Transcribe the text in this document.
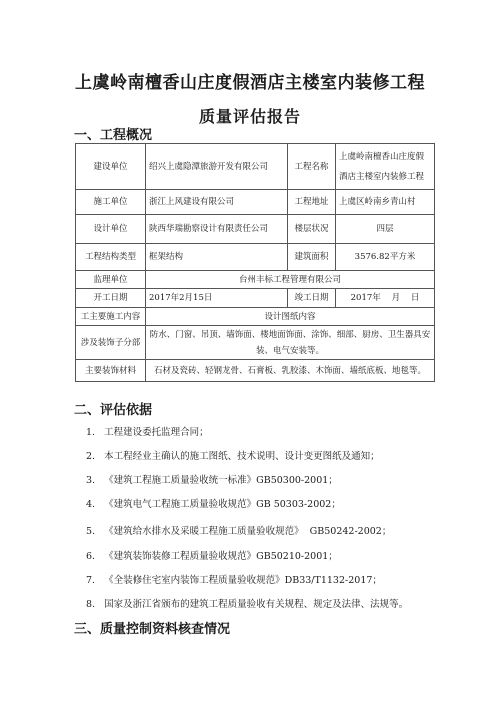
上虞岭南檀香山庄度假酒店主楼室内装修工程
质量评估报告
一、工程概况
建设单位	绍兴上虞隐潭旅游开发有限公司	工程名称	上虞岭南檀香山庄度假酒店主楼室内装修工程
施工单位	浙江上风建设有限公司	工程地址	上虞区岭南乡青山村
设计单位	陕西华瑞勘察设计有限责任公司	楼层状况	四层
工程结构类型	框架结构	建筑面积	3576.82平方米
监理单位	台州丰标工程管理有限公司		
开工日期	2017年2月15日	竣工日期	2017年    月    日
工主要施工内容	设计图纸内容		
涉及装饰子分部	防水、门窗、吊顶、墙饰面、楼地面饰面、涂饰、细部、厨房、卫生器具安装、电气安装等。		
主要装饰材料	石材及瓷砖、轻钢龙骨、石膏板、乳胶漆、木饰面、墙纸底板、地毯等。		
二、评估依据
1.   工程建设委托监理合同；
2.   本工程经业主确认的施工图纸、技术说明、设计变更图纸及通知；
3.   《建筑工程施工质量验收统一标准》GB50300-2001；
4.   《建筑电气工程施工质量验收规范》GB 50303-2002；
5.   《建筑给水排水及采暖工程施工质量验收规范》  GB50242-2002；
6.   《建筑装饰装修工程质量验收规范》GB50210-2001；
7.   《全装修住宅室内装饰工程质量验收规范》DB33/T1132-2017；
8.   国家及浙江省颁布的建筑工程质量验收有关规程、规定及法律、法规等。
三、质量控制资料核查情况
